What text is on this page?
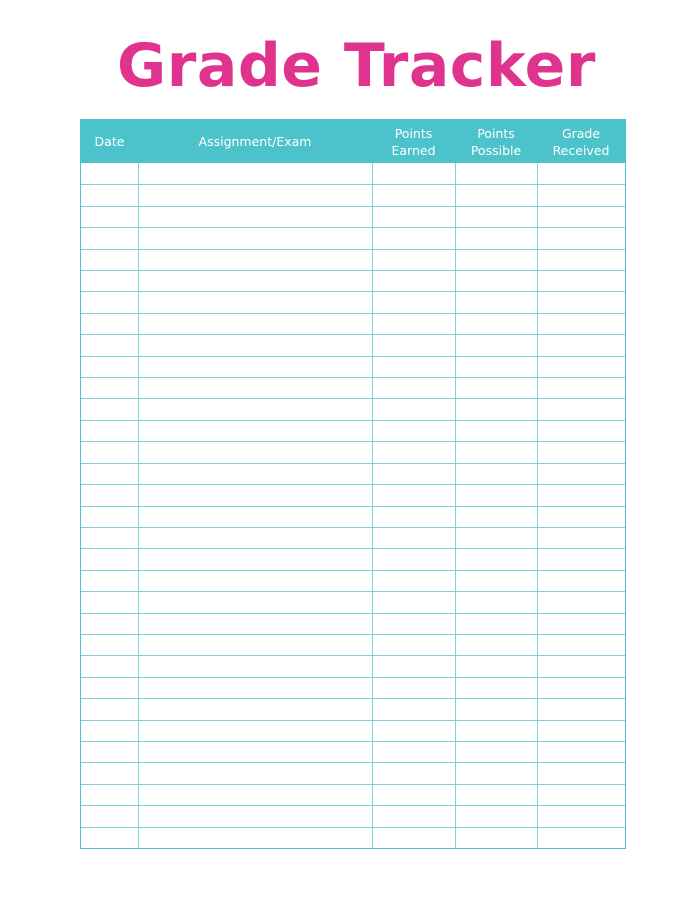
Grade Tracker
Date	Assignment/Exam
Points
Earned
Points
Possible
Grade
Received
